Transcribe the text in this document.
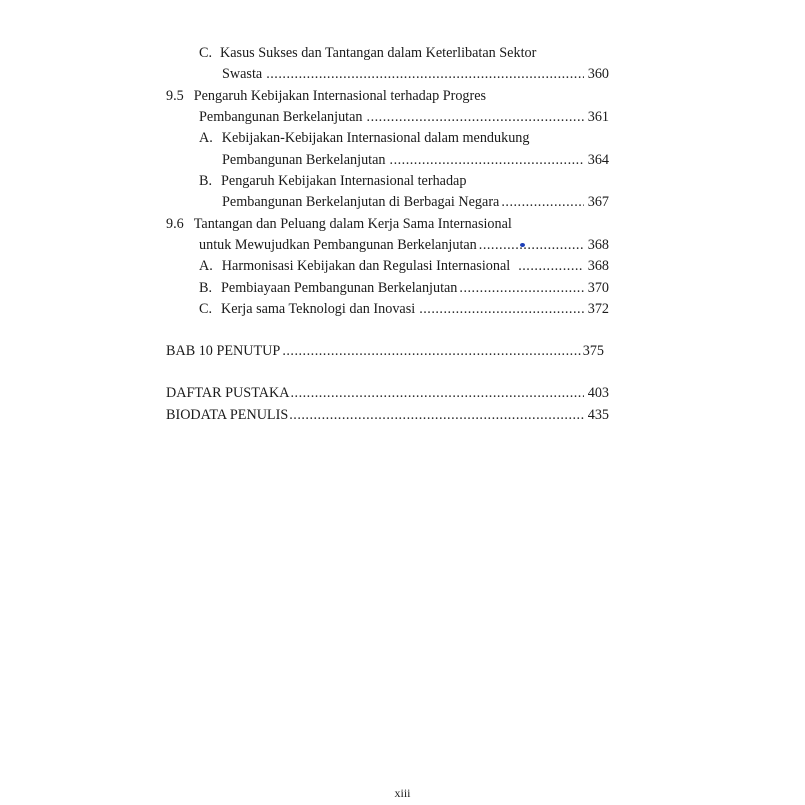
C. Kasus Sukses dan Tantangan dalam Keterlibatan Sektor
Swasta .....	360
9.5 Pengaruh Kebijakan Internasional terhadap Progres
Pembangunan Berkelanjutan .....	361
A. Kebijakan-Kebijakan Internasional dalam mendukung
Pembangunan Berkelanjutan .....	364
B. Pengaruh Kebijakan Internasional terhadap
Pembangunan Berkelanjutan di Berbagai Negara .....	367
9.6 Tantangan dan Peluang dalam Kerja Sama Internasional
untuk Mewujudkan Pembangunan Berkelanjutan .....	368
A. Harmonisasi Kebijakan dan Regulasi Internasional .....	368
B. Pembiayaan Pembangunan Berkelanjutan .....	370
C. Kerja sama Teknologi dan Inovasi .....	372
BAB 10 PENUTUP .....	375
DAFTAR PUSTAKA .....	403
BIODATA PENULIS .....	435
xiii
